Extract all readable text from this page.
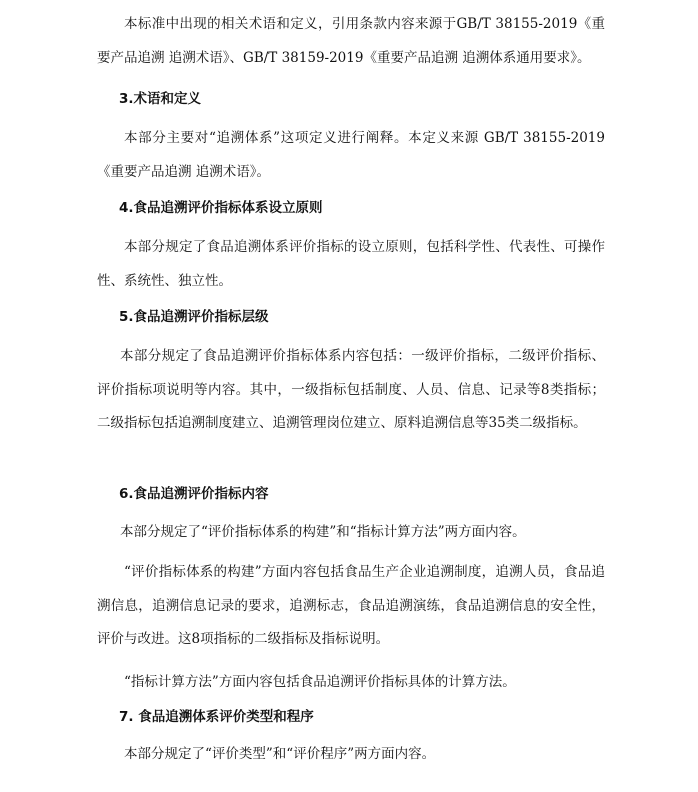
本标准中出现的相关术语和定义，引用条款内容来源于GB/T 38155-2019《重要产品追溯 追溯术语》、GB/T 38159-2019《重要产品追溯 追溯体系通用要求》。

3.术语和定义

本部分主要对“追溯体系”这项定义进行阐释。本定义来源 GB/T 38155-2019《重要产品追溯 追溯术语》。

4.食品追溯评价指标体系设立原则

本部分规定了食品追溯体系评价指标的设立原则，包括科学性、代表性、可操作性、系统性、独立性。

5.食品追溯评价指标层级

本部分规定了食品追溯评价指标体系内容包括：一级评价指标，二级评价指标、评价指标项说明等内容。其中，一级指标包括制度、人员、信息、记录等8类指标；二级指标包括追溯制度建立、追溯管理岗位建立、原料追溯信息等35类二级指标。

6.食品追溯评价指标内容

本部分规定了“评价指标体系的构建”和“指标计算方法”两方面内容。

“评价指标体系的构建”方面内容包括食品生产企业追溯制度，追溯人员，食品追溯信息，追溯信息记录的要求，追溯标志，食品追溯演练，食品追溯信息的安全性，评价与改进。这8项指标的二级指标及指标说明。

“指标计算方法”方面内容包括食品追溯评价指标具体的计算方法。

7. 食品追溯体系评价类型和程序

本部分规定了“评价类型”和“评价程序”两方面内容。
